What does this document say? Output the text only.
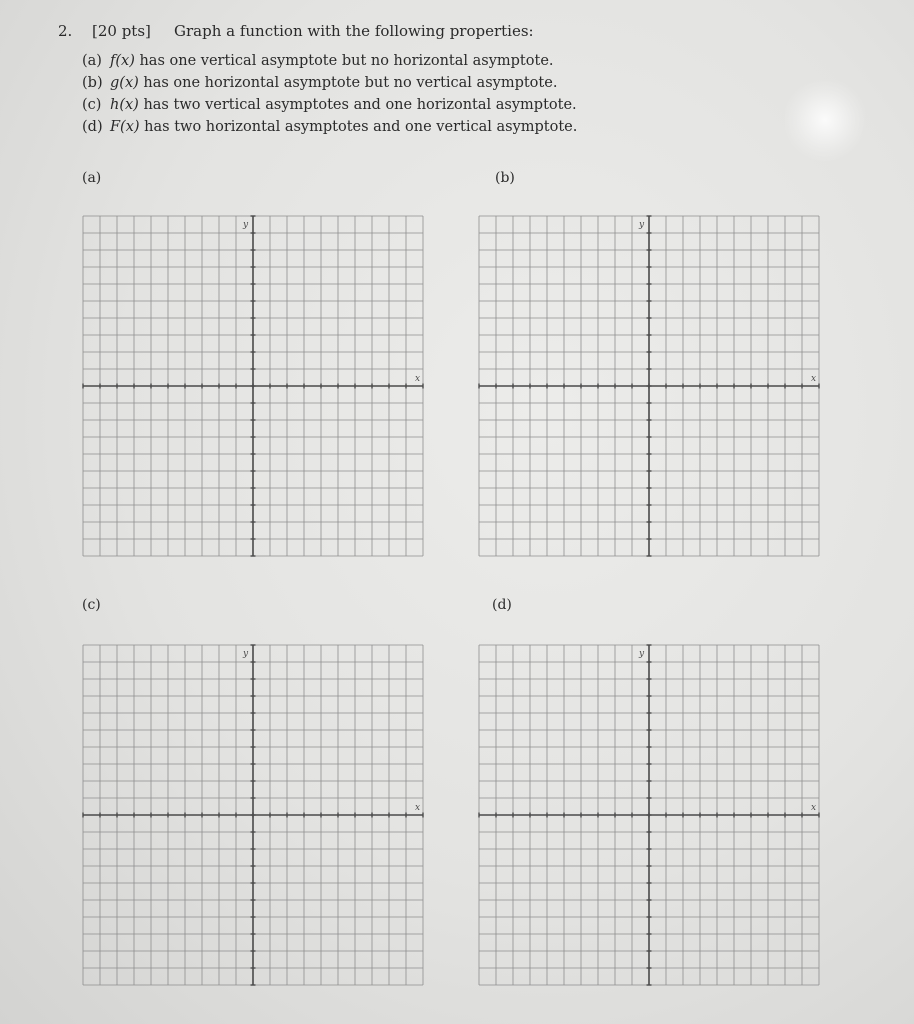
2. [20 pts] Graph a function with the following properties:
(a) f(x) has one vertical asymptote but no horizontal asymptote.
(b) g(x) has one horizontal asymptote but no vertical asymptote.
(c) h(x) has two vertical asymptotes and one horizontal asymptote.
(d) F(x) has two horizontal asymptotes and one vertical asymptote.
(a)	(b)
(c)	(d)
y
x
y
x
y
x
y
x
